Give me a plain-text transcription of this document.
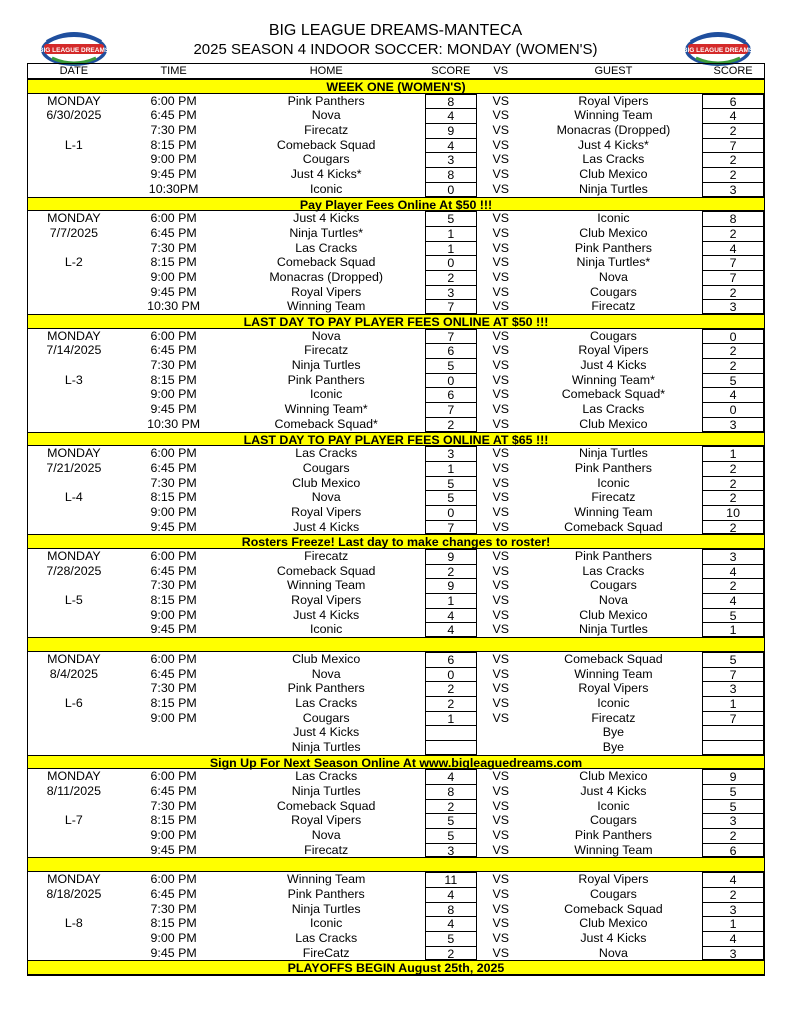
BIG LEAGUE DREAMS
BIG LEAGUE DREAMS-MANTECA
2025 SEASON 4 INDOOR SOCCER: MONDAY (WOMEN'S)	BIG LEAGUE DREAMS
DATE	TIME	HOME	SCORE	VS	GUEST	SCORE
WEEK ONE (WOMEN'S)
MONDAY	6:00 PM	Pink Panthers	8	VS	Royal Vipers	6
6/30/2025	6:45 PM	Nova	4	VS	Winning Team	4
7:30 PM	Firecatz	9	VS	Monacras (Dropped)	2
L-1	8:15 PM	Comeback Squad	4	VS	Just 4 Kicks*	7
9:00 PM	Cougars	3	VS	Las Cracks	2
9:45 PM	Just 4 Kicks*	8	VS	Club Mexico	2
10:30PM	Iconic	0	VS	Ninja Turtles	3
Pay Player Fees Online At $50 !!!
MONDAY	6:00 PM	Just 4 Kicks	5	VS	Iconic	8
7/7/2025	6:45 PM	Ninja Turtles*	1	VS	Club Mexico	2
7:30 PM	Las Cracks	1	VS	Pink Panthers	4
L-2	8:15 PM	Comeback Squad	0	VS	Ninja Turtles*	7
9:00 PM	Monacras (Dropped)	2	VS	Nova	7
9:45 PM	Royal Vipers	3	VS	Cougars	2
10:30 PM	Winning Team	7	VS	Firecatz	3
LAST DAY TO PAY PLAYER FEES ONLINE AT $50 !!!
MONDAY	6:00 PM	Nova	7	VS	Cougars	0
7/14/2025	6:45 PM	Firecatz	6	VS	Royal Vipers	2
7:30 PM	Ninja Turtles	5	VS	Just 4 Kicks	2
L-3	8:15 PM	Pink Panthers	0	VS	Winning Team*	5
9:00 PM	Iconic	6	VS	Comeback Squad*	4
9:45 PM	Winning Team*	7	VS	Las Cracks	0
10:30 PM	Comeback Squad*	2	VS	Club Mexico	3
LAST DAY TO PAY PLAYER FEES ONLINE AT $65 !!!
MONDAY	6:00 PM	Las Cracks	3	VS	Ninja Turtles	1
7/21/2025	6:45 PM	Cougars	1	VS	Pink Panthers	2
7:30 PM	Club Mexico	5	VS	Iconic	2
L-4	8:15 PM	Nova	5	VS	Firecatz	2
9:00 PM	Royal Vipers	0	VS	Winning Team	10
9:45 PM	Just 4 Kicks	7	VS	Comeback Squad	2
Rosters Freeze! Last day to make changes to roster!
MONDAY	6:00 PM	Firecatz	9	VS	Pink Panthers	3
7/28/2025	6:45 PM	Comeback Squad	2	VS	Las Cracks	4
7:30 PM	Winning Team	9	VS	Cougars	2
L-5	8:15 PM	Royal Vipers	1	VS	Nova	4
9:00 PM	Just 4 Kicks	4	VS	Club Mexico	5
9:45 PM	Iconic	4	VS	Ninja Turtles	1
MONDAY	6:00 PM	Club Mexico	6	VS	Comeback Squad	5
8/4/2025	6:45 PM	Nova	0	VS	Winning Team	7
7:30 PM	Pink Panthers	2	VS	Royal Vipers	3
L-6	8:15 PM	Las Cracks	2	VS	Iconic	1
9:00 PM	Cougars	1	VS	Firecatz	7
Just 4 Kicks	Bye
Ninja Turtles	Bye
Sign Up For Next Season Online At www.bigleaguedreams.com
MONDAY	6:00 PM	Las Cracks	4	VS	Club Mexico	9
8/11/2025	6:45 PM	Ninja Turtles	8	VS	Just 4 Kicks	5
7:30 PM	Comeback Squad	2	VS	Iconic	5
L-7	8:15 PM	Royal Vipers	5	VS	Cougars	3
9:00 PM	Nova	5	VS	Pink Panthers	2
9:45 PM	Firecatz	3	VS	Winning Team	6
MONDAY	6:00 PM	Winning Team	11	VS	Royal Vipers	4
8/18/2025	6:45 PM	Pink Panthers	4	VS	Cougars	2
7:30 PM	Ninja Turtles	8	VS	Comeback Squad	3
L-8	8:15 PM	Iconic	4	VS	Club Mexico	1
9:00 PM	Las Cracks	5	VS	Just 4 Kicks	4
9:45 PM	FireCatz	2	VS	Nova	3
PLAYOFFS BEGIN August 25th, 2025
